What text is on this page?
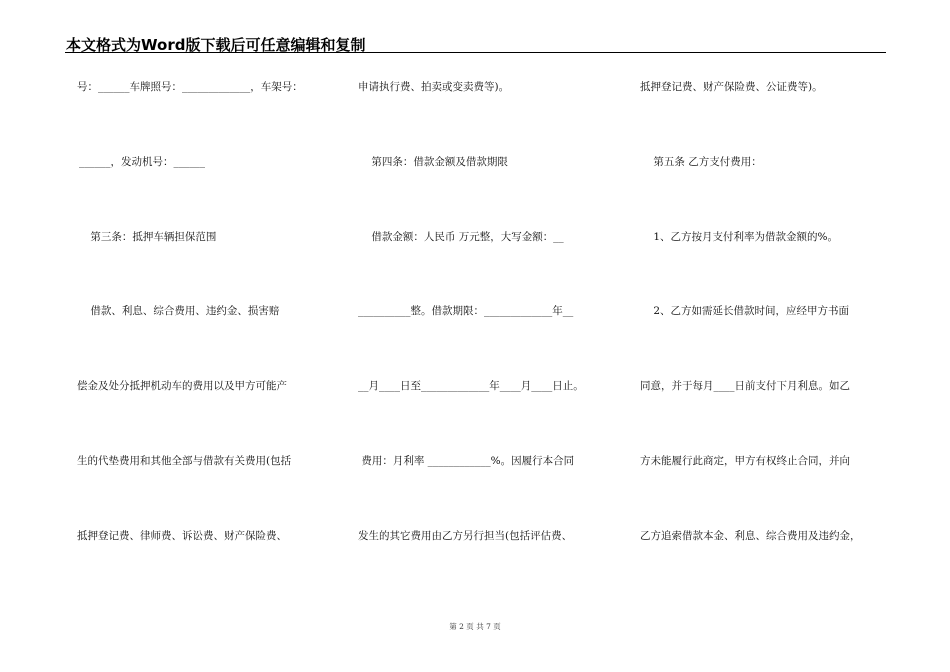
本文格式为Word版下载后可任意编辑和复制
号：______车牌照号：_____________，车架号：
______，发动机号：______
第三条：抵押车辆担保范围
借款、利息、综合费用、违约金、损害赔
偿金及处分抵押机动车的费用以及甲方可能产
生的代垫费用和其他全部与借款有关费用(包括
抵押登记费、律师费、诉讼费、财产保险费、
申请执行费、拍卖或变卖费等)。
第四条：借款金额及借款期限
借款金额：人民币 万元整，大写金额：__
__________整。借款期限：_____________年__
__月____日至_____________年____月____日止。
费用：月利率 ____________%。因履行本合同
发生的其它费用由乙方另行担当(包括评估费、
抵押登记费、财产保险费、公证费等)。
第五条 乙方支付费用：
1、乙方按月支付利率为借款金额的%。
2、乙方如需延长借款时间，应经甲方书面
同意，并于每月____日前支付下月利息。如乙
方未能履行此商定，甲方有权终止合同，并向
乙方追索借款本金、利息、综合费用及违约金，
第 2 页 共 7 页
